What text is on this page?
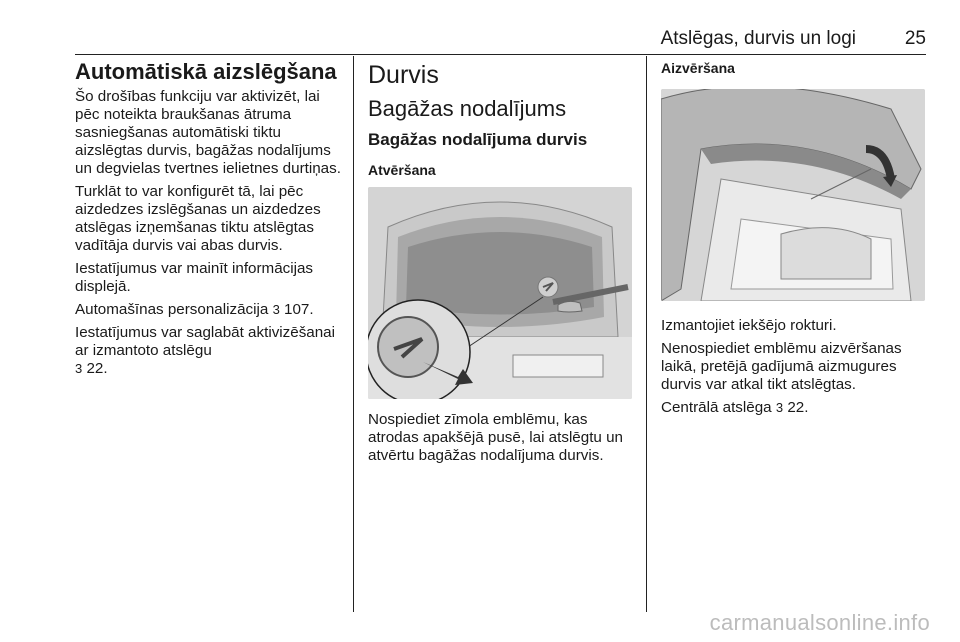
Atslēgas, durvis un logi	25
Automātiskā aizslēgšana

Šo drošības funkciju var aktivizēt, lai pēc noteikta braukšanas ātruma sasniegšanas automātiski tiktu aizslēgtas durvis, bagāžas nodalījums un degvielas tvertnes ielietnes durtiņas.

Turklāt to var konfigurēt tā, lai pēc aizdedzes izslēgšanas un aizdedzes atslēgas izņemšanas tiktu atslēgtas vadītāja durvis vai abas durvis.

Iestatījumus var mainīt informācijas displejā.

Automašīnas personalizācija 3 107.

Iestatījumus var saglabāt aktivizēšanai ar izmantoto atslēgu
3 22.

Durvis
Bagāžas nodalījums
Bagāžas nodalījuma durvis
Atvēršana

Nospiediet zīmola emblēmu, kas atrodas apakšējā pusē, lai atslēgtu un atvērtu bagāžas nodalījuma durvis.

Aizvēršana

Izmantojiet iekšējo rokturi.

Nenospiediet emblēmu aizvēršanas laikā, pretējā gadījumā aizmugures durvis var atkal tikt atslēgtas.

Centrālā atslēga 3 22.

carmanualsonline.info
